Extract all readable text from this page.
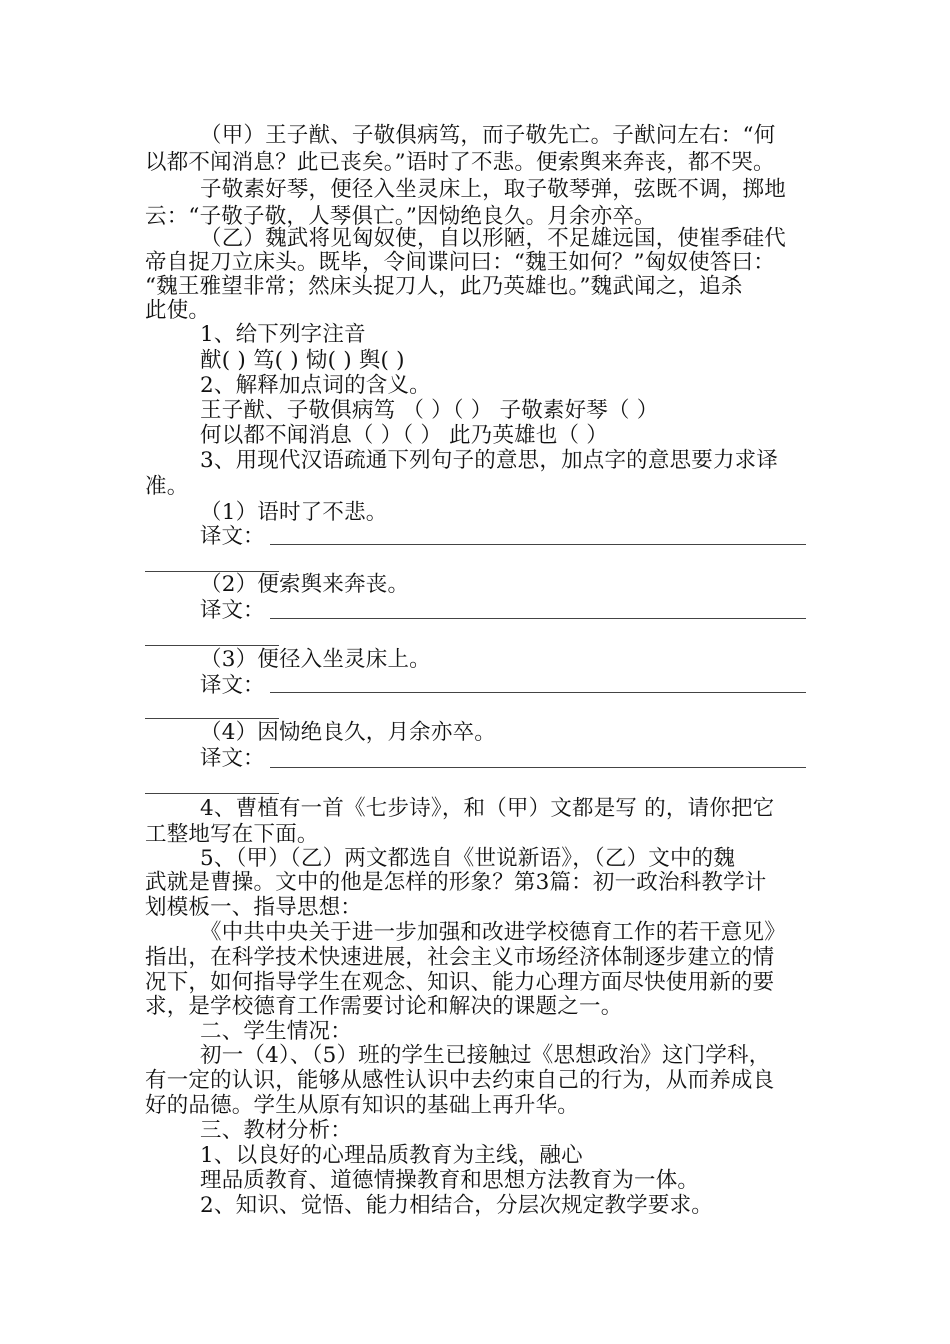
（甲）王子猷、子敬俱病笃，而子敬先亡。子猷问左右：“何
以都不闻消息？此已丧矣。”语时了不悲。便索舆来奔丧，都不哭。
子敬素好琴，便径入坐灵床上，取子敬琴弹，弦既不调，掷地
云：“子敬子敬，人琴俱亡。”因恸绝良久。月余亦卒。
（乙）魏武将见匈奴使，自以形陋，不足雄远国，使崔季硅代
帝自捉刀立床头。既毕，令间谍问曰：“魏王如何？”匈奴使答曰：
“魏王雅望非常；然床头捉刀人，此乃英雄也。”魏武闻之，追杀
此使。
1、给下列字注音
猷( ) 笃( ) 恸( ) 舆( )
2、解释加点词的含义。
王子猷、子敬俱病笃 （ ）（ ） 子敬素好琴（ ）
何以都不闻消息（ ）（ ） 此乃英雄也（ ）
3、用现代汉语疏通下列句子的意思，加点字的意思要力求译
准。
（1）语时了不悲。
译文：
（2）便索舆来奔丧。
译文：
（3）便径入坐灵床上。
译文：
（4）因恸绝良久，月余亦卒。
译文：
4、曹植有一首《七步诗》，和（甲）文都是写 的，请你把它
工整地写在下面。
5、（甲）（乙）两文都选自《世说新语》，（乙）文中的魏
武就是曹操。文中的他是怎样的形象？第3篇：初一政治科教学计
划模板一、指导思想：
《中共中央关于进一步加强和改进学校德育工作的若干意见》
指出，在科学技术快速进展，社会主义市场经济体制逐步建立的情
况下，如何指导学生在观念、知识、能力心理方面尽快使用新的要
求，是学校德育工作需要讨论和解决的课题之一。
二、学生情况：
初一（4）、（5）班的学生已接触过《思想政治》这门学科，
有一定的认识，能够从感性认识中去约束自己的行为，从而养成良
好的品德。学生从原有知识的基础上再升华。
三、教材分析：
1、以良好的心理品质教育为主线，融心
理品质教育、道德情操教育和思想方法教育为一体。
2、知识、觉悟、能力相结合，分层次规定教学要求。
